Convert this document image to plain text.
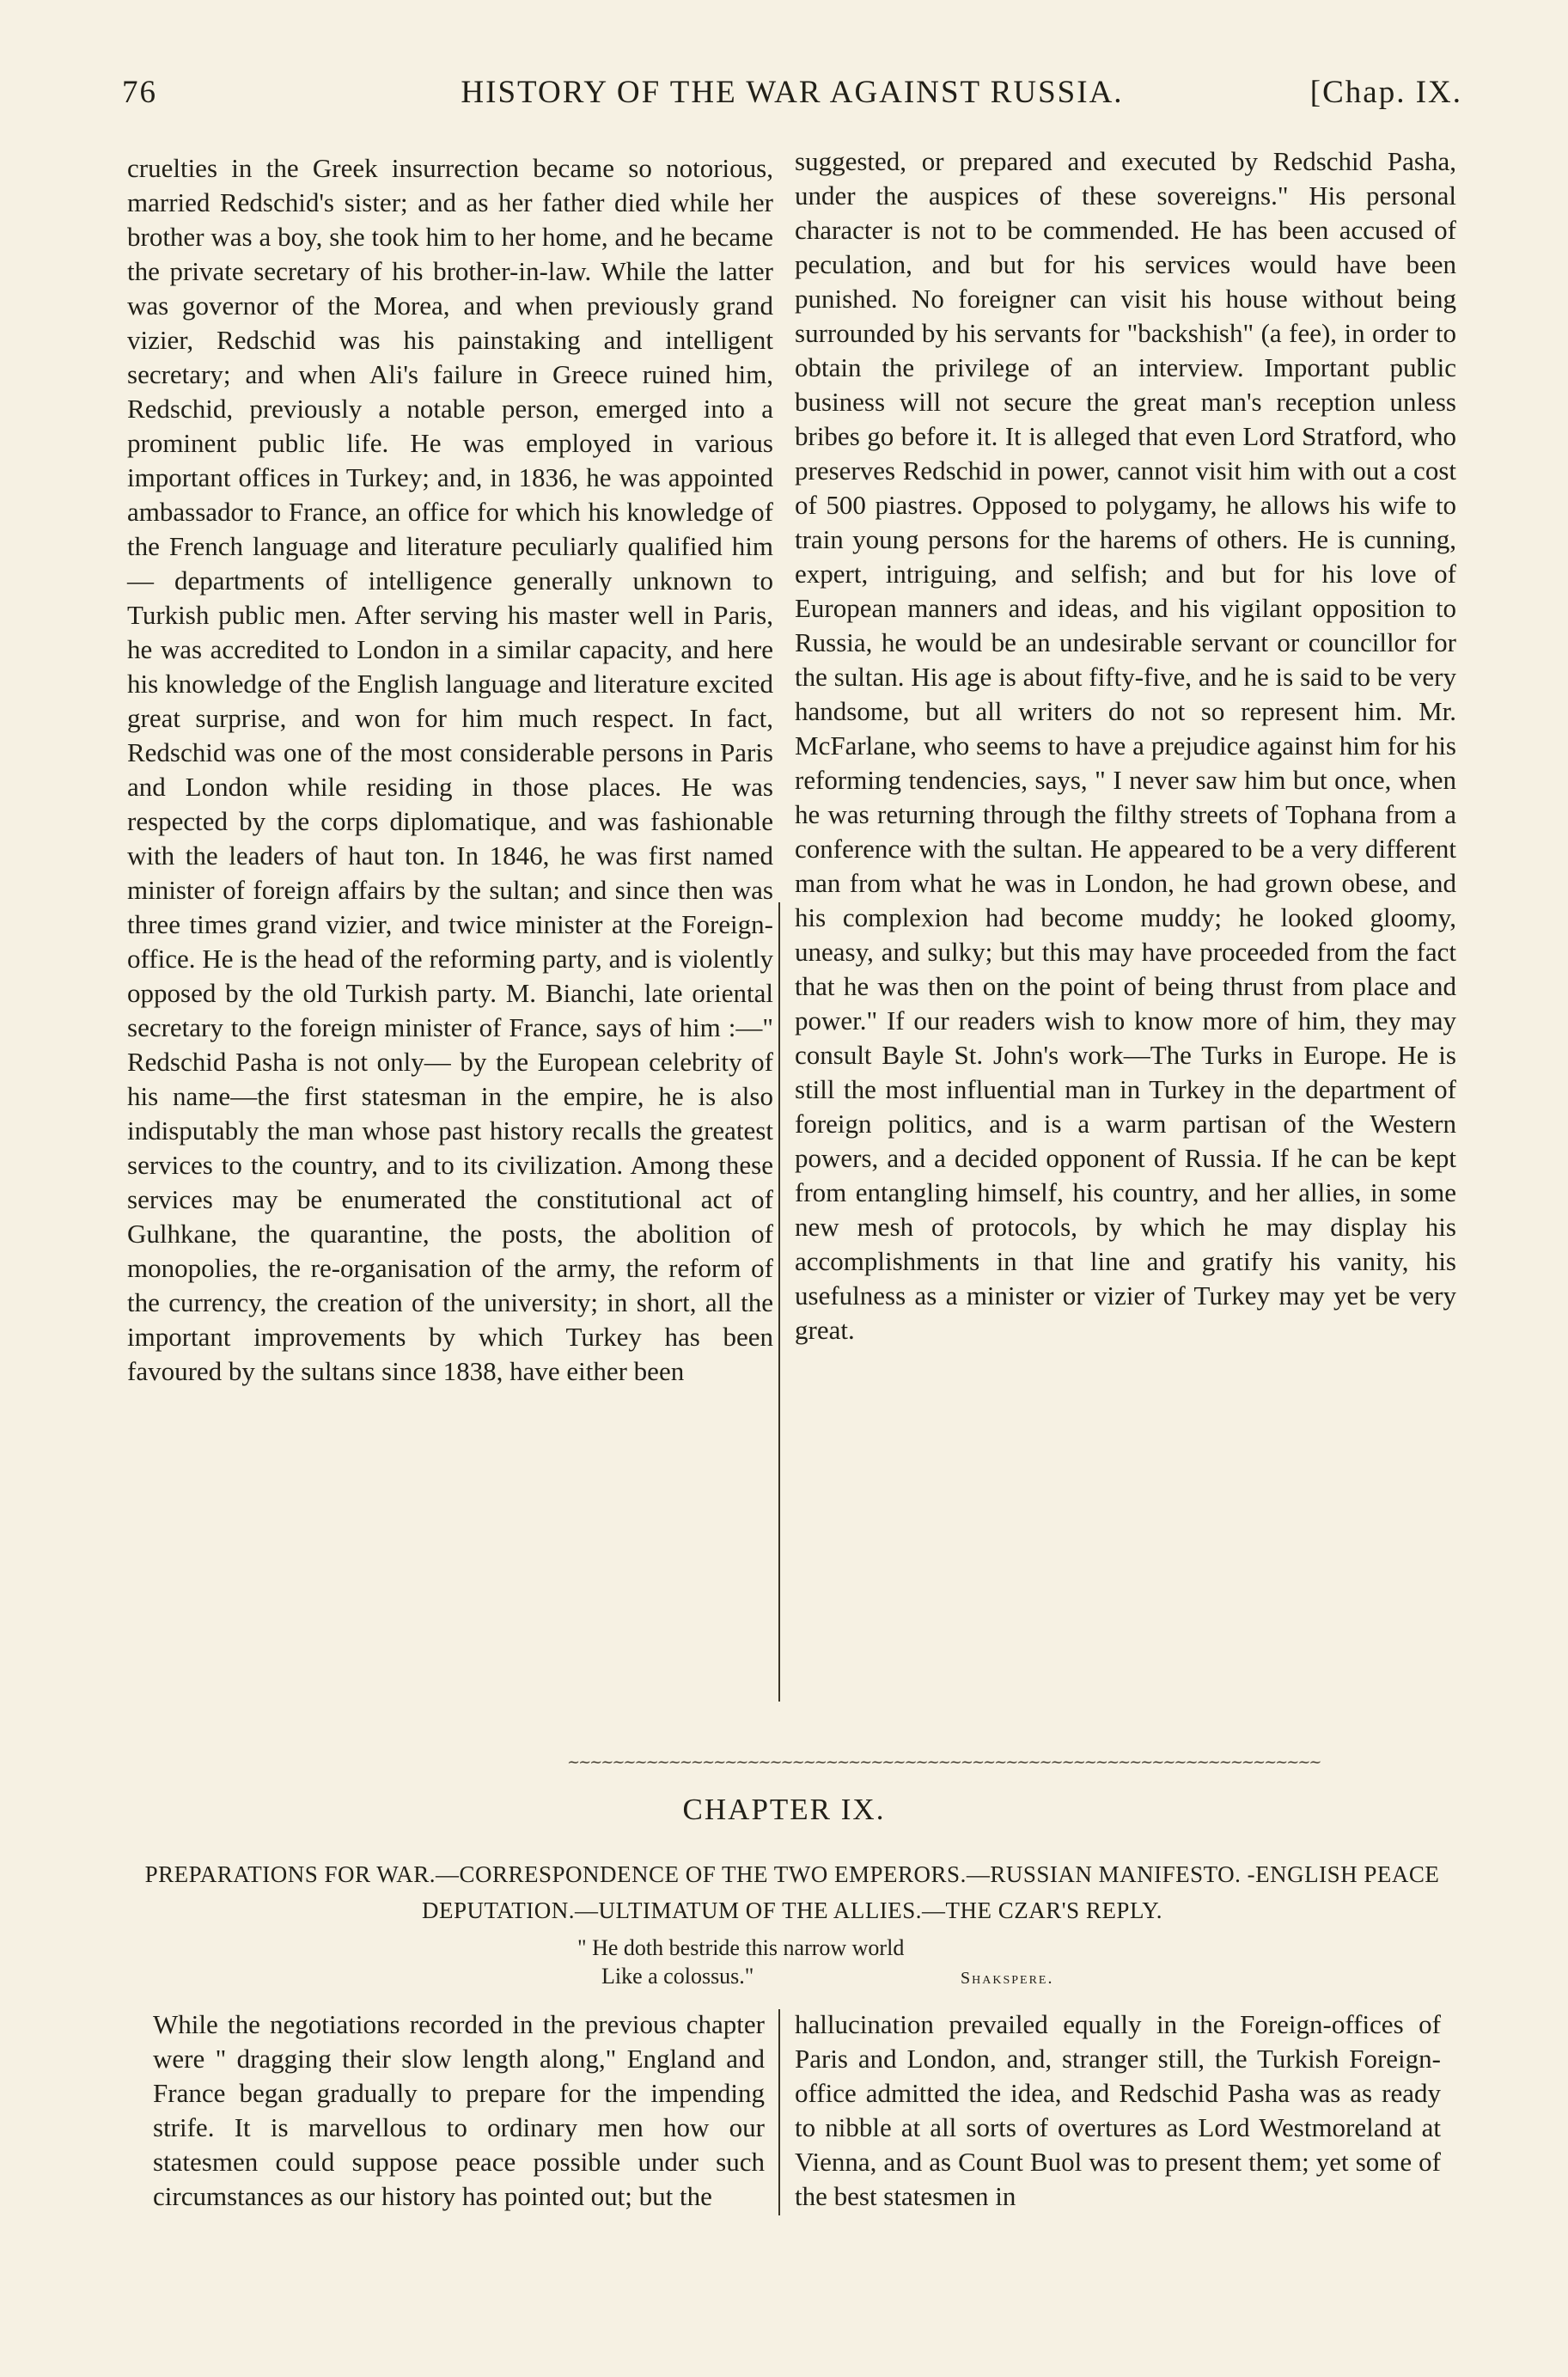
76	HISTORY OF THE WAR AGAINST RUSSIA.	[Chap. IX.

cruelties in the Greek insurrection became so notorious, married Redschid's sister; and as her father died while her brother was a boy, she took him to her home, and he became the private secretary of his brother-in-law. While the latter was governor of the Morea, and when previously grand vizier, Redschid was his painstaking and intelligent secretary; and when Ali's failure in Greece ruined him, Redschid, previously a notable person, emerged into a prominent public life. He was employed in various important offices in Turkey; and, in 1836, he was appointed ambassador to France, an office for which his knowledge of the French language and literature peculiarly qualified him — departments of intelligence generally unknown to Turkish public men. After serving his master well in Paris, he was accredited to London in a similar capacity, and here his knowledge of the English language and literature excited great surprise, and won for him much respect. In fact, Redschid was one of the most considerable persons in Paris and London while residing in those places. He was respected by the corps diplomatique, and was fashionable with the leaders of haut ton. In 1846, he was first named minister of foreign affairs by the sultan; and since then was three times grand vizier, and twice minister at the Foreign-office. He is the head of the reforming party, and is violently opposed by the old Turkish party. M. Bianchi, late oriental secretary to the foreign minister of France, says of him :—" Redschid Pasha is not only— by the European celebrity of his name—the first statesman in the empire, he is also indisputably the man whose past history recalls the greatest services to the country, and to its civilization. Among these services may be enumerated the constitutional act of Gulhkane, the quarantine, the posts, the abolition of monopolies, the re-organisation of the army, the reform of the currency, the creation of the university; in short, all the important improvements by which Turkey has been favoured by the sultans since 1838, have either been

suggested, or prepared and executed by Redschid Pasha, under the auspices of these sovereigns." His personal character is not to be commended. He has been accused of peculation, and but for his services would have been punished. No foreigner can visit his house without being surrounded by his servants for "backshish" (a fee), in order to obtain the privilege of an interview. Important public business will not secure the great man's reception unless bribes go before it. It is alleged that even Lord Stratford, who preserves Redschid in power, cannot visit him with out a cost of 500 piastres. Opposed to polygamy, he allows his wife to train young persons for the harems of others. He is cunning, expert, intriguing, and selfish; and but for his love of European manners and ideas, and his vigilant opposition to Russia, he would be an undesirable servant or councillor for the sultan. His age is about fifty-five, and he is said to be very handsome, but all writers do not so represent him. Mr. McFarlane, who seems to have a prejudice against him for his reforming tendencies, says, " I never saw him but once, when he was returning through the filthy streets of Tophana from a conference with the sultan. He appeared to be a very different man from what he was in London, he had grown obese, and his complexion had become muddy; he looked gloomy, uneasy, and sulky; but this may have proceeded from the fact that he was then on the point of being thrust from place and power." If our readers wish to know more of him, they may consult Bayle St. John's work—The Turks in Europe. He is still the most influential man in Turkey in the department of foreign politics, and is a warm partisan of the Western powers, and a decided opponent of Russia. If he can be kept from entangling himself, his country, and her allies, in some new mesh of protocols, by which he may display his accomplishments in that line and gratify his vanity, his usefulness as a minister or vizier of Turkey may yet be very great.

~~~~~~~~~~~~~~~~~~~~~~~~~~~~~~~~~~~~~~~~~~~~~~~~~~~~~~~~~~~~~~~~~~~
CHAPTER IX.
PREPARATIONS FOR WAR.—CORRESPONDENCE OF THE TWO EMPERORS.—RUSSIAN MANIFESTO. -ENGLISH PEACE DEPUTATION.—ULTIMATUM OF THE ALLIES.—THE CZAR'S REPLY.
" He doth bestride this narrow world
Like a colossus."	Shakspere.

While the negotiations recorded in the previous chapter were " dragging their slow length along," England and France began gradually to prepare for the impending strife. It is marvellous to ordinary men how our statesmen could suppose peace possible under such circumstances as our history has pointed out; but the

hallucination prevailed equally in the Foreign-offices of Paris and London, and, stranger still, the Turkish Foreign-office admitted the idea, and Redschid Pasha was as ready to nibble at all sorts of overtures as Lord Westmoreland at Vienna, and as Count Buol was to present them; yet some of the best statesmen in
